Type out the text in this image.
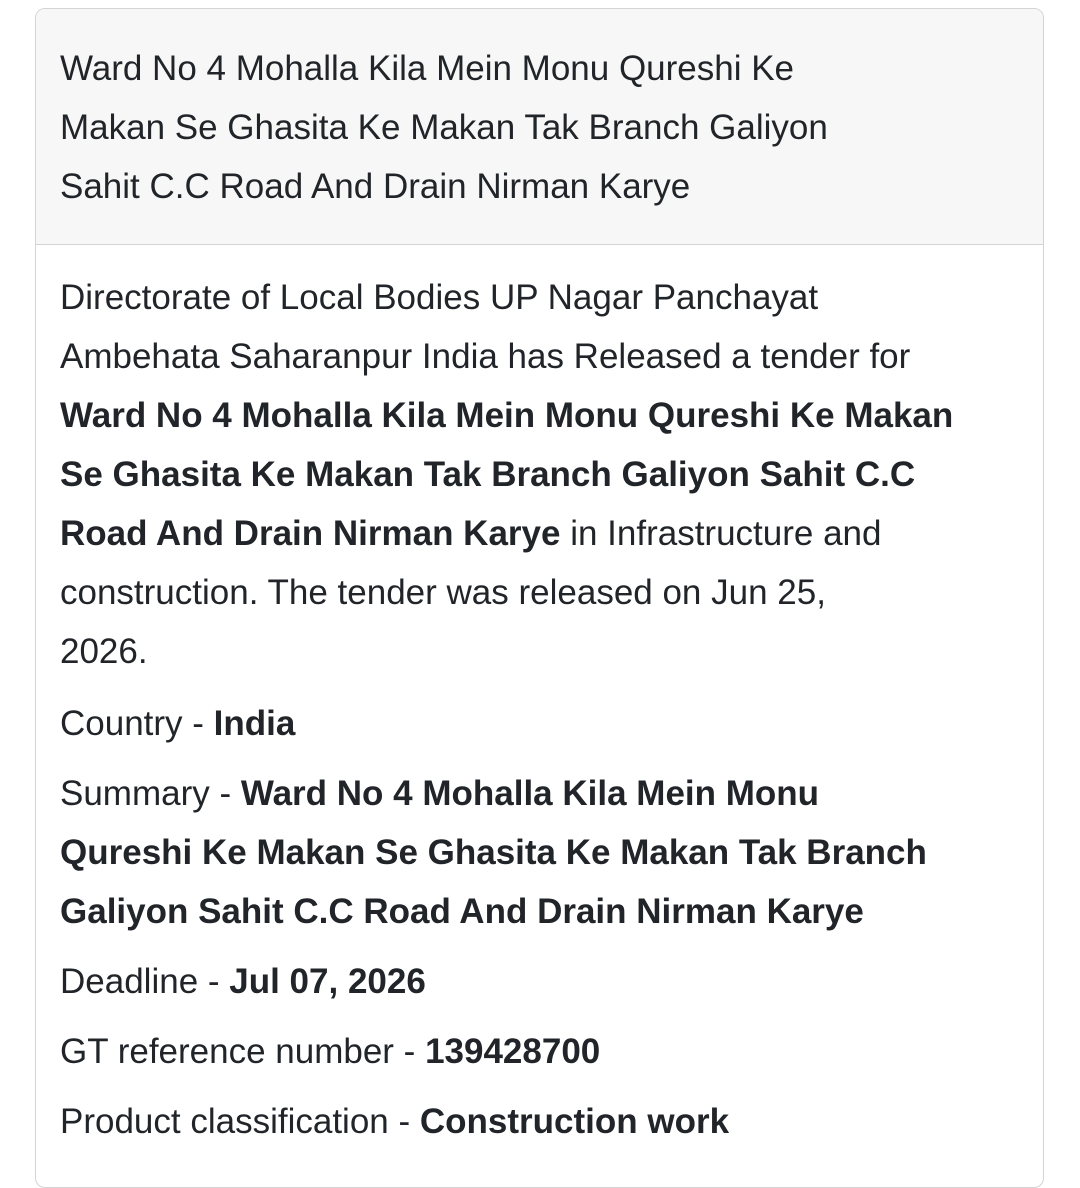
Ward No 4 Mohalla Kila Mein Monu Qureshi Ke
Makan Se Ghasita Ke Makan Tak Branch Galiyon
Sahit C.C Road And Drain Nirman Karye
Directorate of Local Bodies UP Nagar Panchayat
Ambehata Saharanpur India has Released a tender for
Ward No 4 Mohalla Kila Mein Monu Qureshi Ke Makan
Se Ghasita Ke Makan Tak Branch Galiyon Sahit C.C
Road And Drain Nirman Karye in Infrastructure and
construction. The tender was released on Jun 25,
2026.
Country - India
Summary - Ward No 4 Mohalla Kila Mein Monu
Qureshi Ke Makan Se Ghasita Ke Makan Tak Branch
Galiyon Sahit C.C Road And Drain Nirman Karye
Deadline - Jul 07, 2026
GT reference number - 139428700
Product classification - Construction work
